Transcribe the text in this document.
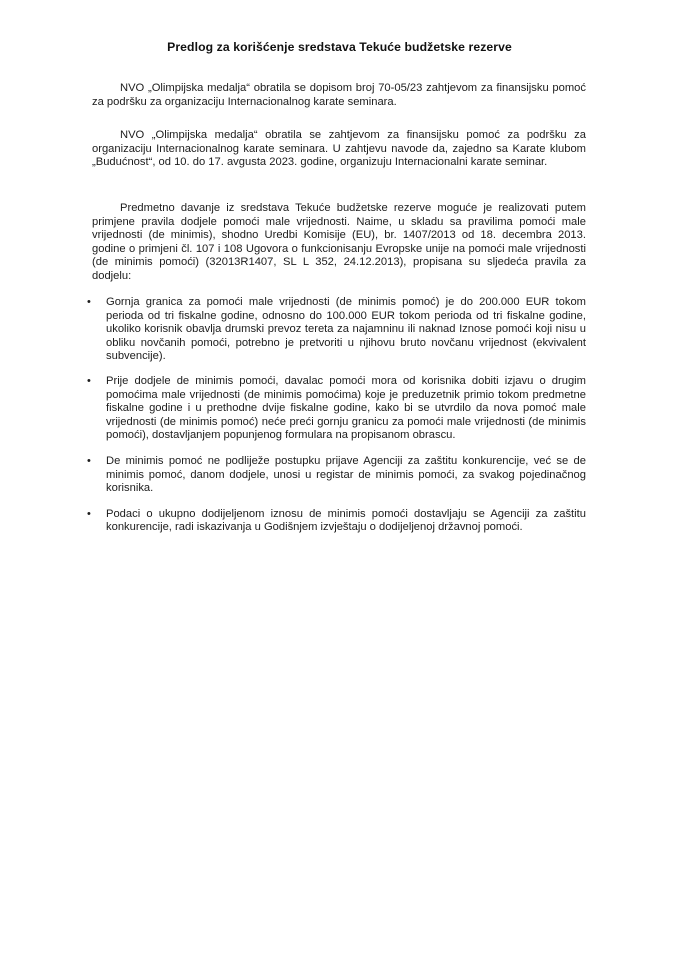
Predlog za korišćenje sredstava Tekuće budžetske rezerve

NVO „Olimpijska medalja“ obratila se dopisom broj 70-05/23 zahtjevom za finansijsku pomoć za podršku za organizaciju Internacionalnog karate seminara.

NVO „Olimpijska medalja“ obratila se zahtjevom za finansijsku pomoć za podršku za organizaciju Internacionalnog karate seminara. U zahtjevu navode da, zajedno sa Karate klubom „Budućnost“, od 10. do 17. avgusta 2023. godine, organizuju Internacionalni karate seminar.

Predmetno davanje iz sredstava Tekuće budžetske rezerve moguće je realizovati putem primjene pravila dodjele pomoći male vrijednosti. Naime, u skladu sa pravilima pomoći male vrijednosti (de minimis), shodno Uredbi Komisije (EU), br. 1407/2013 od 18. decembra 2013. godine o primjeni čl. 107 i 108 Ugovora o funkcionisanju Evropske unije na pomoći male vrijednosti (de minimis pomoći) (32013R1407, SL L 352, 24.12.2013), propisana su sljedeća pravila za dodjelu:

• Gornja granica za pomoći male vrijednosti (de minimis pomoć) je do 200.000 EUR tokom perioda od tri fiskalne godine, odnosno do 100.000 EUR tokom perioda od tri fiskalne godine, ukoliko korisnik obavlja drumski prevoz tereta za najamninu ili naknad Iznose pomoći koji nisu u obliku novčanih pomoći, potrebno je pretvoriti u njihovu bruto novčanu vrijednost (ekvivalent subvencije).
• Prije dodjele de minimis pomoći, davalac pomoći mora od korisnika dobiti izjavu o drugim pomoćima male vrijednosti (de minimis pomoćima) koje je preduzetnik primio tokom predmetne fiskalne godine i u prethodne dvije fiskalne godine, kako bi se utvrdilo da nova pomoć male vrijednosti (de minimis pomoć) neće preći gornju granicu za pomoći male vrijednosti (de minimis pomoći), dostavljanjem popunjenog formulara na propisanom obrascu.
• De minimis pomoć ne podliježe postupku prijave Agenciji za zaštitu konkurencije, već se de minimis pomoć, danom dodjele, unosi u registar de minimis pomoći, za svakog pojedinačnog korisnika.
• Podaci o ukupno dodijeljenom iznosu de minimis pomoći dostavljaju se Agenciji za zaštitu konkurencije, radi iskazivanja u Godišnjem izvještaju o dodijeljenoj državnoj pomoći.
